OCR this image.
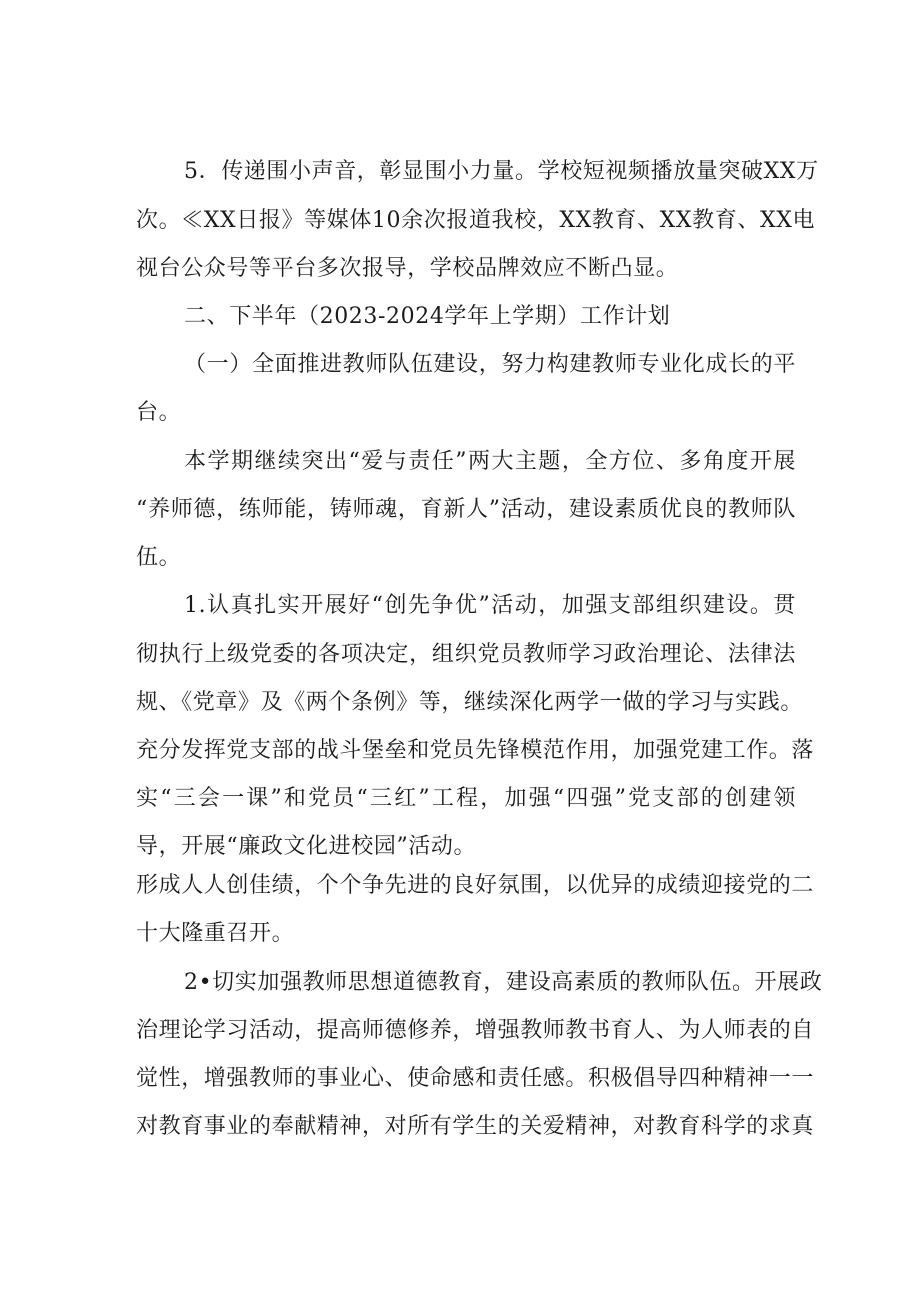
5．传递围小声音，彰显围小力量。学校短视频播放量突破XX万
次。≪XX日报》等媒体10余次报道我校，XX教育、XX教育、XX电
视台公众号等平台多次报导，学校品牌效应不断凸显。
二、下半年（2023-2024学年上学期）工作计划
（一）全面推进教师队伍建设，努力构建教师专业化成长的平
台。
本学期继续突出“爱与责任”两大主题，全方位、多角度开展
“养师德，练师能，铸师魂，育新人”活动，建设素质优良的教师队
伍。
1.认真扎实开展好“创先争优”活动，加强支部组织建设。贯
彻执行上级党委的各项决定，组织党员教师学习政治理论、法律法
规、《党章》及《两个条例》等，继续深化两学一做的学习与实践。
充分发挥党支部的战斗堡垒和党员先锋模范作用，加强党建工作。落
实“三会一课”和党员“三红”工程，加强“四强”党支部的创建领
导，开展“廉政文化进校园”活动。
形成人人创佳绩，个个争先进的良好氛围，以优异的成绩迎接党的二
十大隆重召开。
2•切实加强教师思想道德教育，建设高素质的教师队伍。开展政
治理论学习活动，提高师德修养，增强教师教书育人、为人师表的自
觉性，增强教师的事业心、使命感和责任感。积极倡导四种精神一一
对教育事业的奉献精神，对所有学生的关爱精神，对教育科学的求真
